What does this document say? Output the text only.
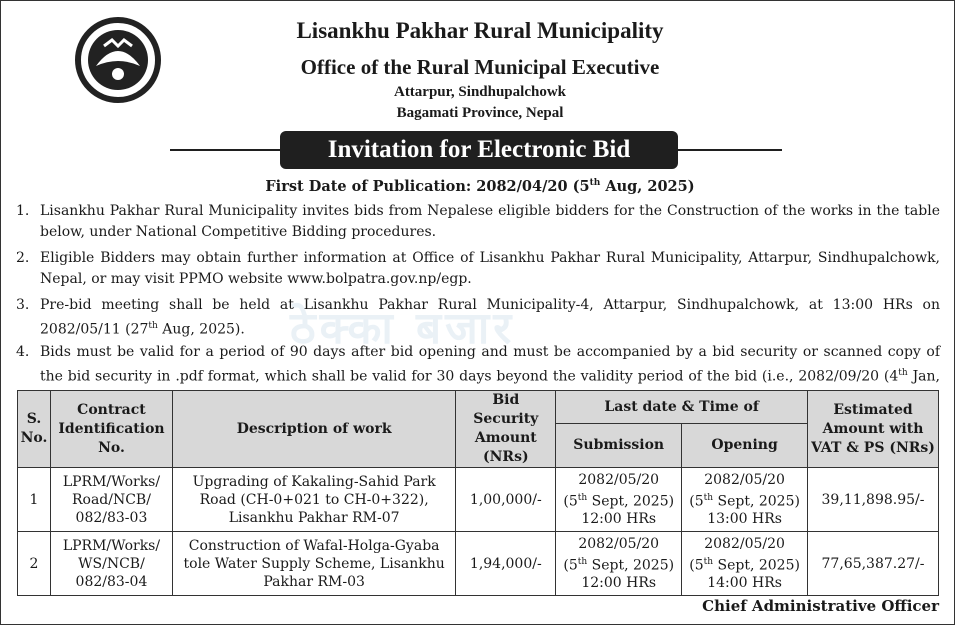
Lisankhu Pakhar Rural Municipality
Office of the Rural Municipal Executive
Attarpur, Sindhupalchowk
Bagamati Province, Nepal
Invitation for Electronic Bid
First Date of Publication: 2082/04/20 (5th Aug, 2025)
ठेक्का बजार
1. Lisankhu Pakhar Rural Municipality invites bids from Nepalese eligible bidders for the Construction of the works in the table below, under National Competitive Bidding procedures.
2. Eligible Bidders may obtain further information at Office of Lisankhu Pakhar Rural Municipality, Attarpur, Sindhupalchowk, Nepal, or may visit PPMO website www.bolpatra.gov.np/egp.
3. Pre-bid meeting shall be held at Lisankhu Pakhar Rural Municipality-4, Attarpur, Sindhupalchowk, at 13:00 HRs on 2082/05/11 (27th Aug, 2025).
4. Bids must be valid for a period of 90 days after bid opening and must be accompanied by a bid security or scanned copy of the bid security in .pdf format, which shall be valid for 30 days beyond the validity period of the bid (i.e., 2082/09/20 (4th Jan,
S. No.	Contract Identification No.	Description of work	Bid Security Amount (NRs)	Last date & Time of		Estimated Amount with VAT & PS (NRs)
				Submission	Opening	
1	LPRM/Works/ Road/NCB/ 082/83-03	Upgrading of Kakaling-Sahid Park Road (CH-0+021 to CH-0+322), Lisankhu Pakhar RM-07	1,00,000/-	2082/05/20
(5th Sept, 2025)
12:00 HRs	2082/05/20
(5th Sept, 2025)
13:00 HRs	39,11,898.95/-
2	LPRM/Works/ WS/NCB/ 082/83-04	Construction of Wafal-Holga-Gyaba tole Water Supply Scheme, Lisankhu Pakhar RM-03	1,94,000/-	2082/05/20
(5th Sept, 2025)
12:00 HRs	2082/05/20
(5th Sept, 2025)
14:00 HRs	77,65,387.27/-
Chief Administrative Officer
